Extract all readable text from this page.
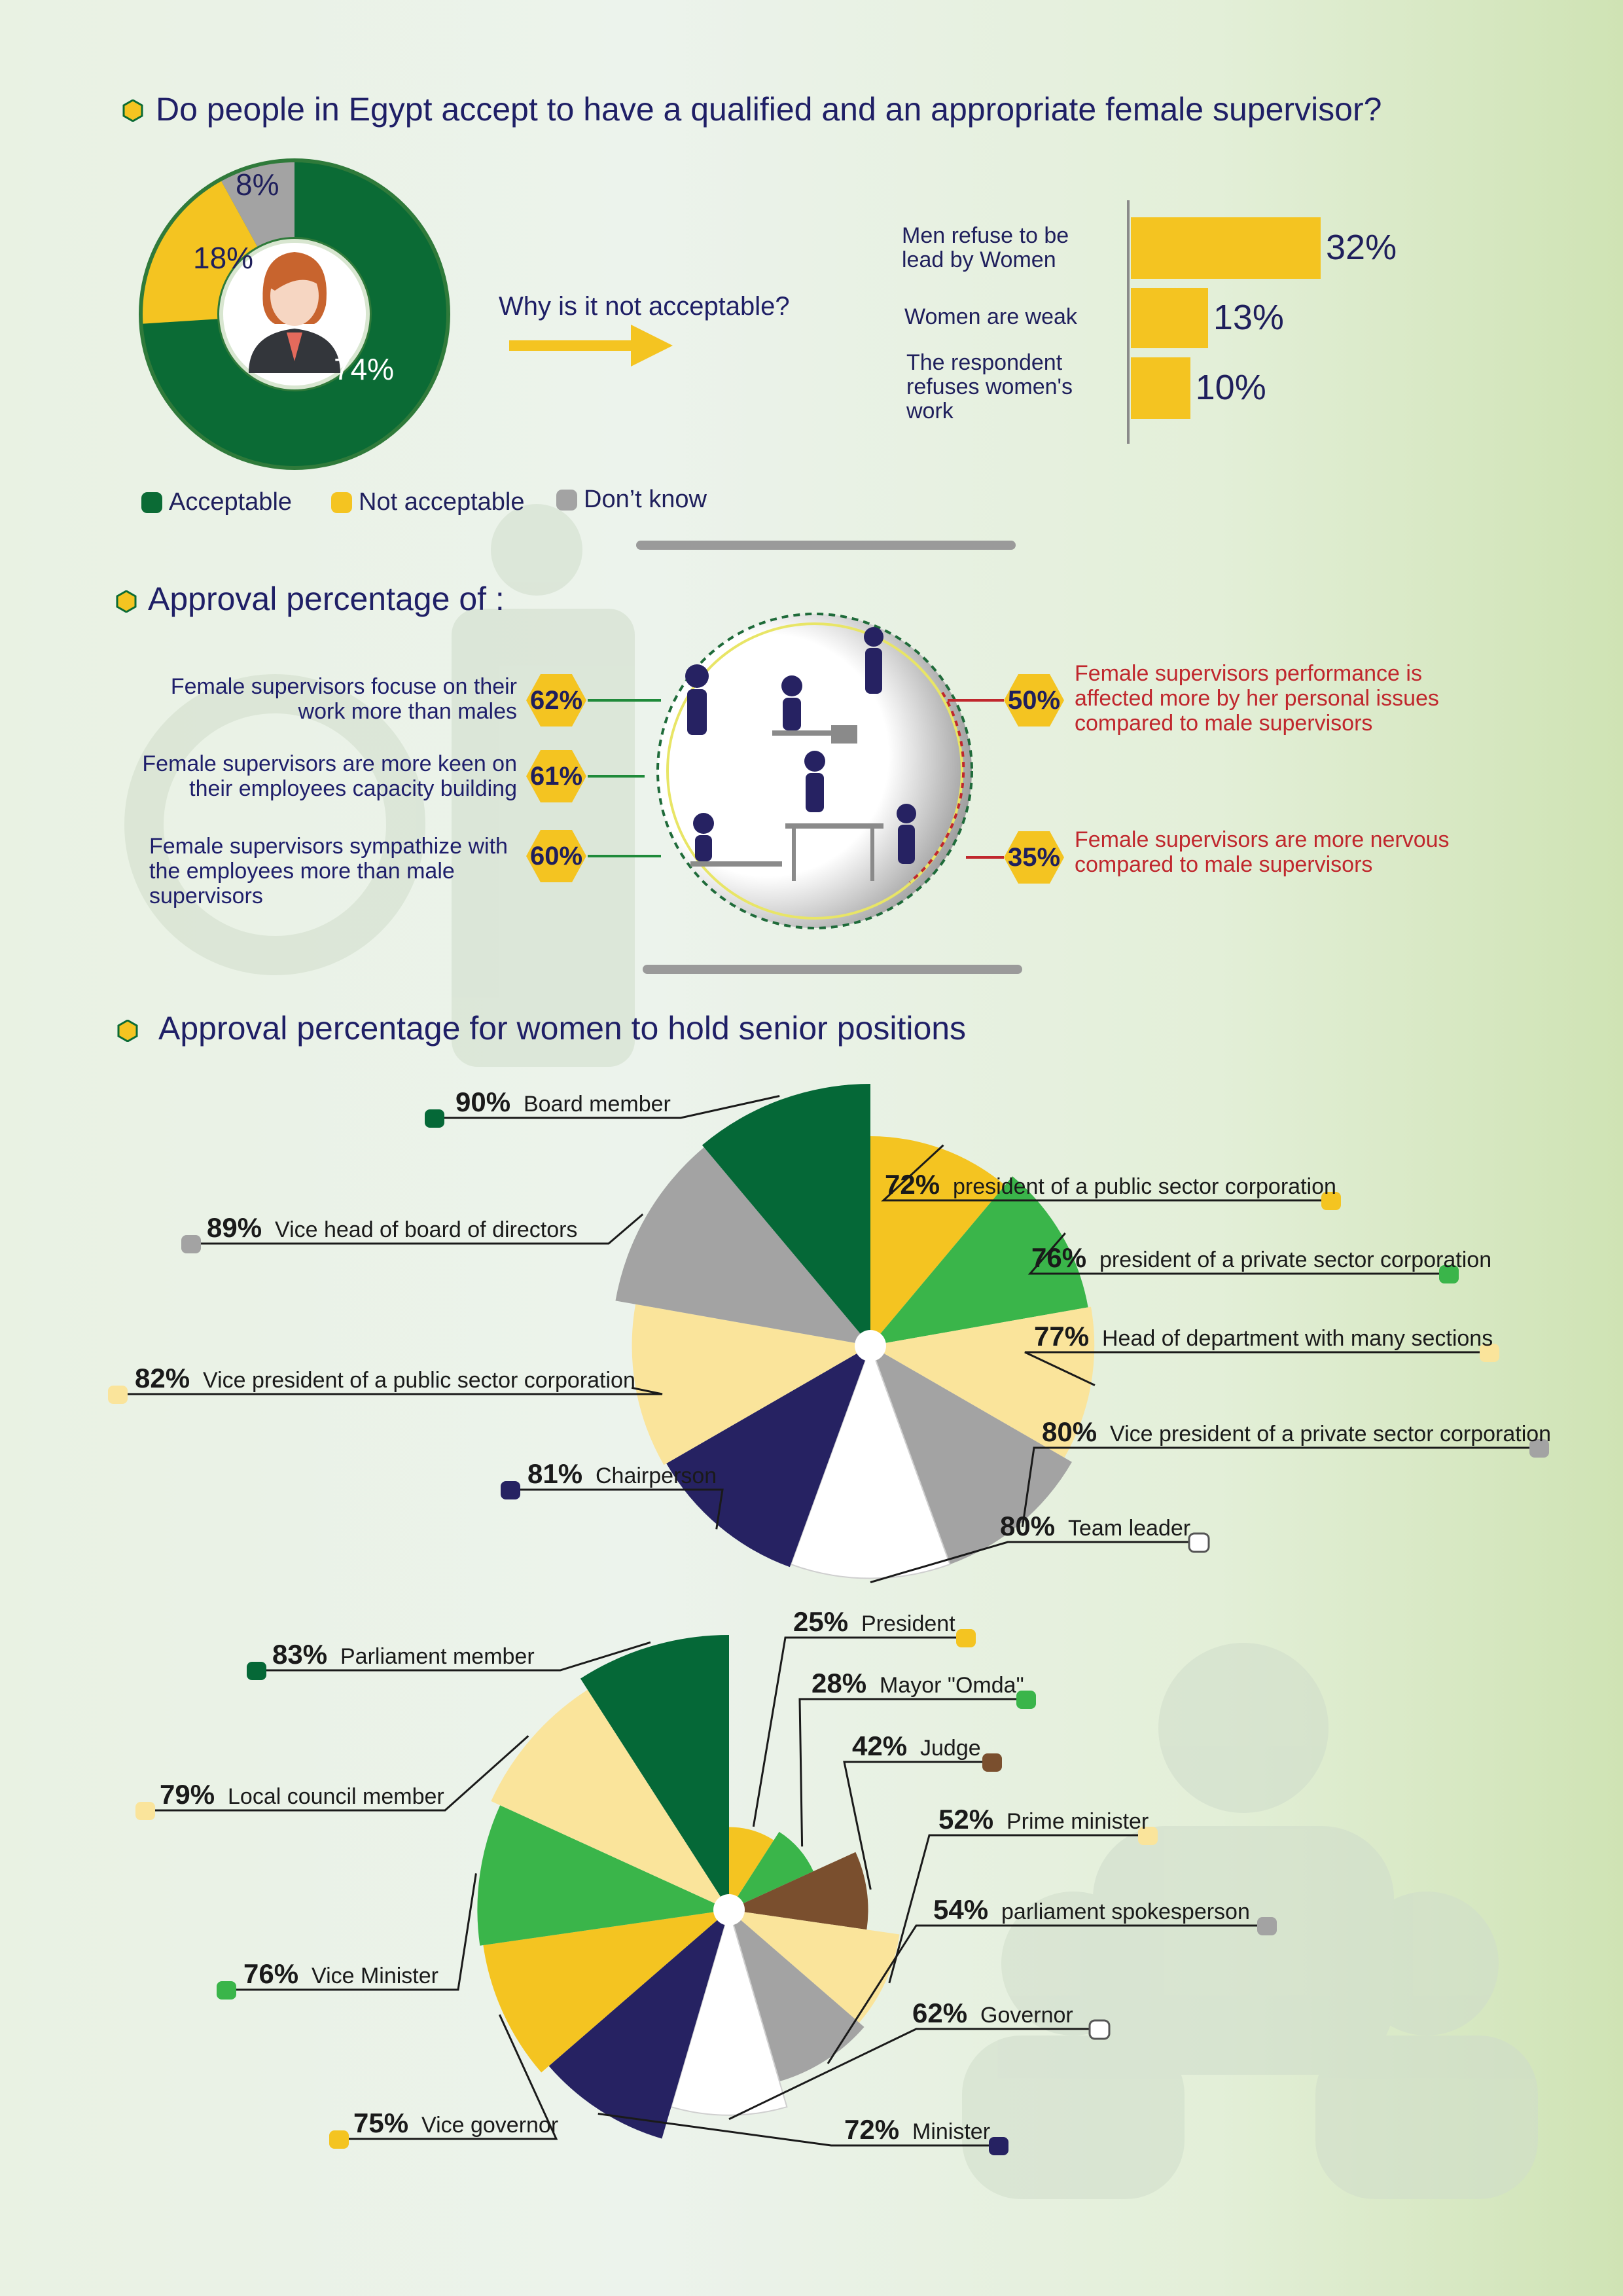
Do people in Egypt accept to have a qualified and an appropriate female supervisor?
74%
18%
8%
Acceptable	Not acceptable Don’t know
Why is it not acceptable?
Men refuse to be lead by Women	32%
Women are weak	13%
The respondent refuses women's work
10%
Approval percentage of :
Female supervisors focuse on their work more than males 62%
Female supervisors are more keen on their employees capacity building 61%
Female supervisors sympathize with the employees more than male supervisors
60%
50%
Female supervisors performance is affected more by her personal issues compared to male supervisors
35%
Female supervisors are more nervous compared to male supervisors
Approval percentage for women to hold senior positions
72% president of a public sector corporation
76% president of a private sector corporation
77% Head of department with many sections
80% Vice president of a private sector corporation
80% Team leader
81% Chairperson
82% Vice president of a public sector corporation
89% Vice head of board of directors
90% Board member
25% President
28% Mayor "Omda"
42% Judge
52% Prime minister
54% parliament spokesperson
62% Governor
72% Minister
75% Vice governor
76% Vice Minister
79% Local council member
83% Parliament member
